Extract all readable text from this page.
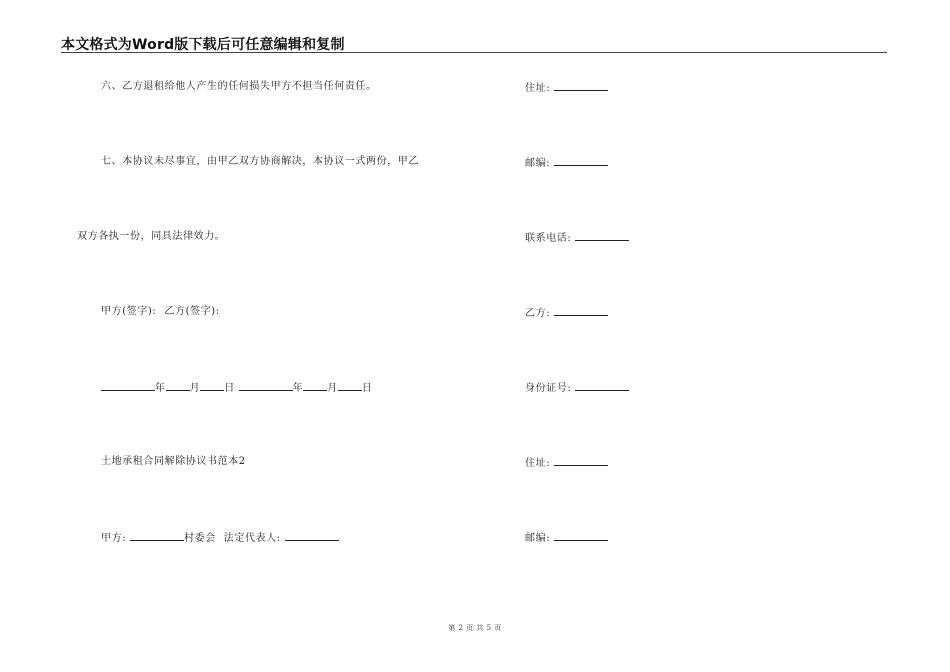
本文格式为Word版下载后可任意编辑和复制
六、乙方退租给他人产生的任何损失甲方不担当任何责任。
七、本协议未尽事宜，由甲乙双方协商解决，本协议一式两份，甲乙
双方各执一份，同具法律效力。
甲方(签字): 乙方(签字):
年 月 日	年 月 日
土地承租合同解除协议书范本2
甲方:	村委会 法定代表人:
住址:
邮编:
联系电话:
乙方:
身份证号:
住址:
邮编:
第 2 页 共 5 页
